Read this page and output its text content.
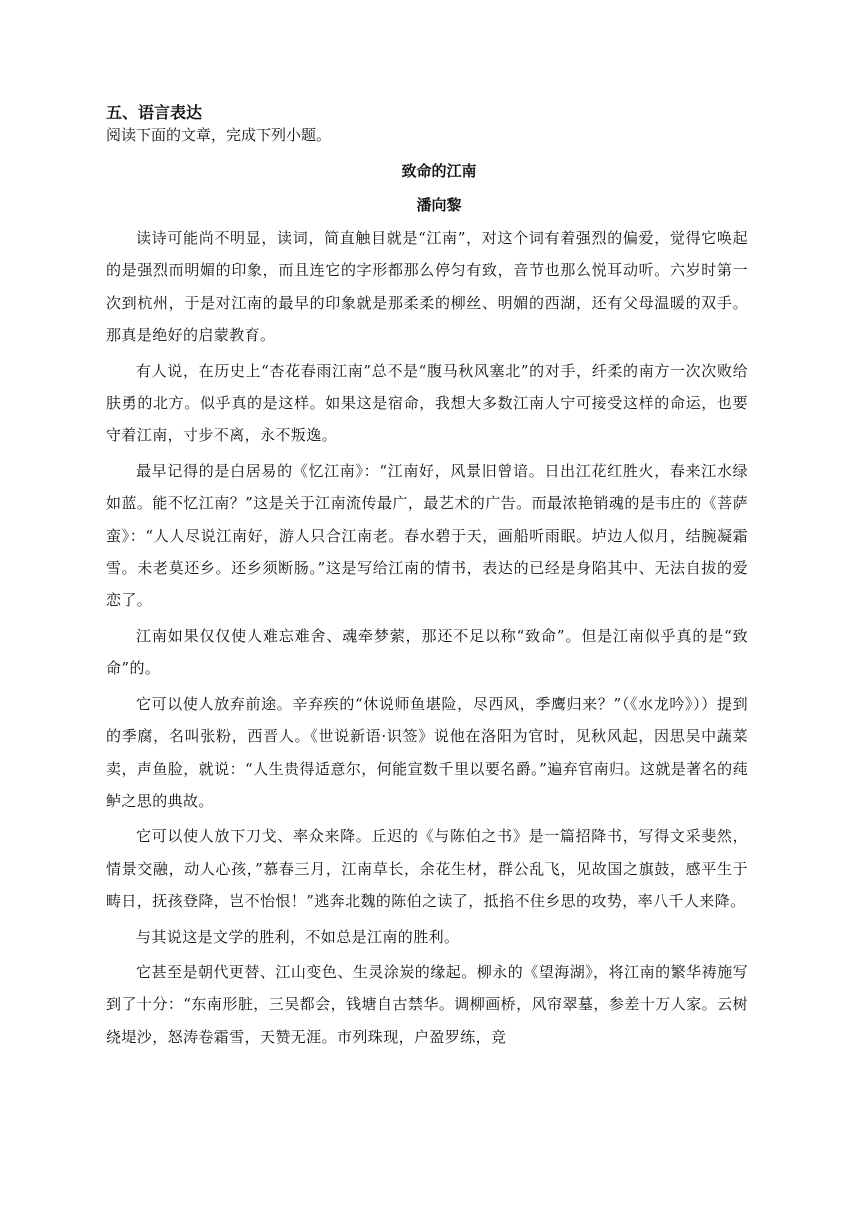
五、语言表达

阅读下面的文章，完成下列小题。

致命的江南

潘向黎

读诗可能尚不明显，读词，简直触目就是“江南”，对这个词有着强烈的偏爱，觉得它唤起的是强烈而明媚的印象，而且连它的字形都那么停匀有致，音节也那么悦耳动听。六岁时第一次到杭州，于是对江南的最早的印象就是那柔柔的柳丝、明媚的西湖，还有父母温暖的双手。那真是绝好的启蒙教育。

有人说，在历史上“杏花春雨江南”总不是“腹马秋风塞北”的对手，纤柔的南方一次次败给肤勇的北方。似乎真的是这样。如果这是宿命，我想大多数江南人宁可接受这样的命运，也要守着江南，寸步不离，永不叛逸。

最早记得的是白居易的《忆江南》：“江南好，风景旧曾谙。日出江花红胜火，春来江水绿如蓝。能不忆江南？”这是关于江南流传最广，最艺术的广告。而最浓艳销魂的是韦庄的《菩萨蛮》：“人人尽说江南好，游人只合江南老。春水碧于天，画船听雨眠。垆边人似月，结腕凝霜雪。未老莫还乡。还乡须断肠。”这是写给江南的情书，表达的已经是身陷其中、无法自拔的爱恋了。

江南如果仅仅使人难忘难舍、魂牵梦萦，那还不足以称“致命”。但是江南似乎真的是“致命”的。

它可以使人放弃前途。辛弃疾的“休说师鱼堪险，尽西风，季鹰归来？”（《水龙吟》））提到的季腐，名叫张粉，西晋人。《世说新语·识签》说他在洛阳为官时，见秋风起，因思吴中蔬菜卖，声鱼脸，就说：“人生贵得适意尔，何能宣数千里以要名爵。”遍弃官南归。这就是著名的莼鲈之思的典故。

它可以使人放下刀戈、率众来降。丘迟的《与陈伯之书》是一篇招降书，写得文采斐然，情景交融，动人心孩，”慕春三月，江南草长，余花生材，群公乱飞，见故国之旗鼓，感平生于畴日，抚孩登降，岂不怡恨！”逃奔北魏的陈伯之读了，抵掐不住乡思的攻势，率八千人来降。

与其说这是文学的胜利，不如总是江南的胜利。

它甚至是朝代更替、江山变色、生灵涂炭的缘起。柳永的《望海湖》，将江南的繁华祷施写到了十分：“东南形脏，三吴都会，钱塘自古禁华。调柳画桥，风帘翠墓，参差十万人家。云树绕堤沙，怒涛卷霜雪，天赞无涯。市列珠现，户盈罗练，竞
